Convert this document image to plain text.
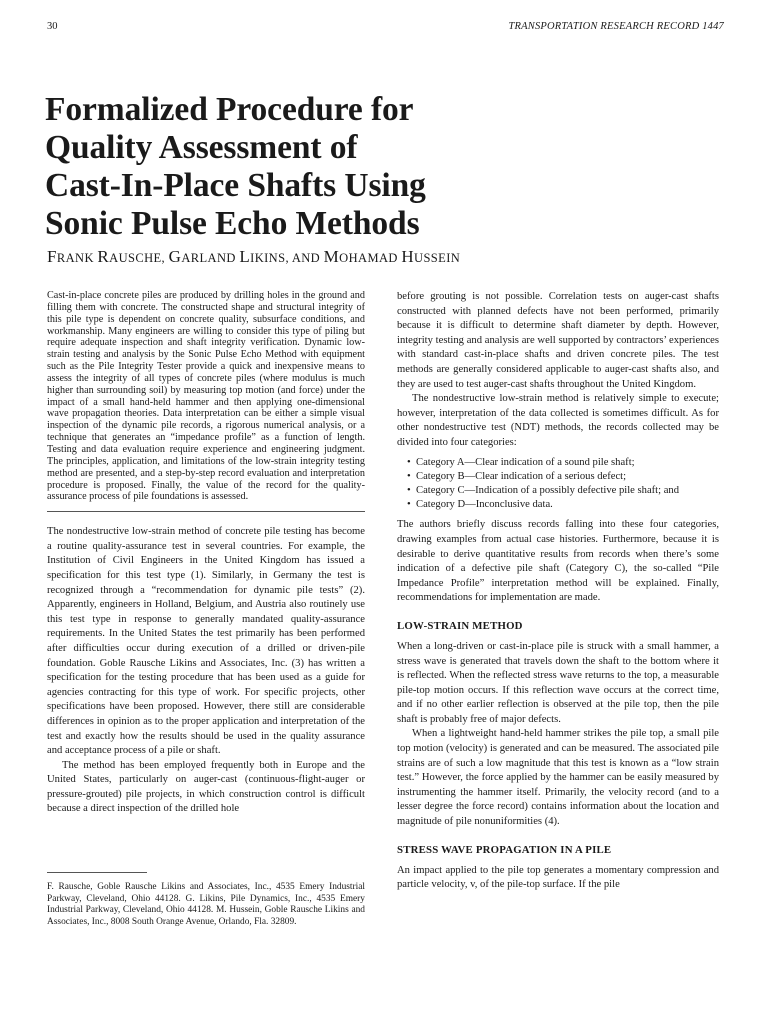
30	TRANSPORTATION RESEARCH RECORD 1447
Formalized Procedure for
Quality Assessment of
Cast-In-Place Shafts Using
Sonic Pulse Echo Methods
FRANK RAUSCHE, GARLAND LIKINS, AND MOHAMAD HUSSEIN

Cast-in-place concrete piles are produced by drilling holes in the ground and filling them with concrete. The constructed shape and structural integrity of this pile type is dependent on concrete quality, subsurface conditions, and workmanship. Many engineers are willing to consider this type of piling but require adequate inspection and shaft integrity verification. Dynamic low-strain testing and analysis by the Sonic Pulse Echo Method with equipment such as the Pile Integrity Tester provide a quick and inexpensive means to assess the integrity of all types of concrete piles (where modulus is much higher than surrounding soil) by measuring top motion (and force) under the impact of a small hand-held hammer and then applying one-dimensional wave propagation theories. Data interpretation can be either a simple visual inspection of the dynamic pile records, a rigorous numerical analysis, or a technique that generates an “impedance profile” as a function of length. Testing and data evaluation require experience and engineering judgment. The principles, application, and limitations of the low-strain integrity testing method are presented, and a step-by-step record evaluation and interpretation procedure is proposed. Finally, the value of the record for the quality-assurance process of pile foundations is assessed.

The nondestructive low-strain method of concrete pile testing has become a routine quality-assurance test in several countries. For example, the Institution of Civil Engineers in the United Kingdom has issued a specification for this test type (1). Similarly, in Germany the test is recognized through a “recommendation for dynamic pile tests” (2). Apparently, engineers in Holland, Belgium, and Austria also routinely use this test type in response to generally mandated quality-assurance requirements. In the United States the test primarily has been performed after difficulties occur during execution of a drilled or driven-pile foundation. Goble Rausche Likins and Associates, Inc. (3) has written a specification for the testing procedure that has been used as a guide for agencies contracting for this type of work. For specific projects, other specifications have been proposed. However, there still are considerable differences in opinion as to the proper application and interpretation of the test and exactly how the results should be used in the quality assurance and acceptance process of a pile or shaft.

The method has been employed frequently both in Europe and the United States, particularly on auger-cast (continuous-flight-auger or pressure-grouted) pile projects, in which construction control is difficult because a direct inspection of the drilled hole

F. Rausche, Goble Rausche Likins and Associates, Inc., 4535 Emery Industrial Parkway, Cleveland, Ohio 44128. G. Likins, Pile Dynamics, Inc., 4535 Emery Industrial Parkway, Cleveland, Ohio 44128. M. Hussein, Goble Rausche Likins and Associates, Inc., 8008 South Orange Avenue, Orlando, Fla. 32809.

before grouting is not possible. Correlation tests on auger-cast shafts constructed with planned defects have not been performed, primarily because it is difficult to determine shaft diameter by depth. However, integrity testing and analysis are well supported by contractors’ experiences with standard cast-in-place shafts and driven concrete piles. The test methods are generally considered applicable to auger-cast shafts also, and they are used to test auger-cast shafts throughout the United Kingdom.

The nondestructive low-strain method is relatively simple to execute; however, interpretation of the data collected is sometimes difficult. As for other nondestructive test (NDT) methods, the records collected may be divided into four categories:

• Category A—Clear indication of a sound pile shaft;
• Category B—Clear indication of a serious defect;
• Category C—Indication of a possibly defective pile shaft; and
• Category D—Inconclusive data.

The authors briefly discuss records falling into these four categories, drawing examples from actual case histories. Furthermore, because it is desirable to derive quantitative results from records when there’s some indication of a defective pile shaft (Category C), the so-called “Pile Impedance Profile” interpretation method will be explained. Finally, recommendations for implementation are made.

LOW-STRAIN METHOD

When a long-driven or cast-in-place pile is struck with a small hammer, a stress wave is generated that travels down the shaft to the bottom where it is reflected. When the reflected stress wave returns to the top, a measurable pile-top motion occurs. If this reflection wave occurs at the correct time, and if no other earlier reflection is observed at the pile top, then the pile shaft is probably free of major defects.

When a lightweight hand-held hammer strikes the pile top, a small pile top motion (velocity) is generated and can be measured. The associated pile strains are of such a low magnitude that this test is known as a “low strain test.” However, the force applied by the hammer can be easily measured by instrumenting the hammer itself. Primarily, the velocity record (and to a lesser degree the force record) contains information about the location and magnitude of pile nonuniformities (4).

STRESS WAVE PROPAGATION IN A PILE

An impact applied to the pile top generates a momentary compression and particle velocity, v, of the pile-top surface. If the pile
